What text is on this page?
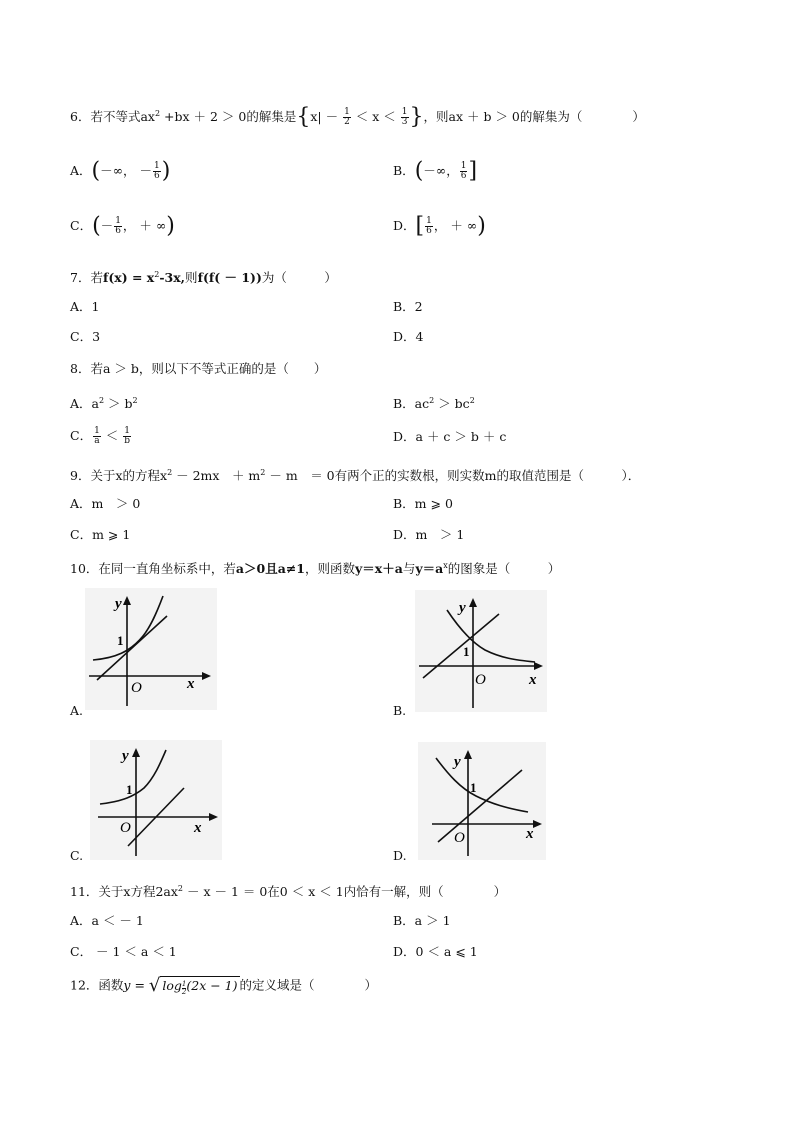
6．若不等式$ax^2 +bx + 2 > 0$的解集是{$x| - \frac{1}{2} < x < \frac{1}{3}$ }，则ax ＋ b ＞ 0的解集为（　　　　）
A．(－∞， － $\frac{1}{6}$ )	B．(－∞， $\frac{1}{6}$ ]
C．(－ $\frac{1}{6}$ ， ＋ ∞)	D．[ $\frac{1}{6}$ ， ＋ ∞)
7．若$f(x) = x^2-3x$,则f(f( － 1))为（　　　）
A．1	B．2
C．3	D．4
8．若a ＞ b，则以下不等式正确的是（　　）
A．$a^2 > b^2$	B．$ac^2 > bc^2$
C． $\frac{1}{a} < \frac{1}{b}$	D．a ＋ c ＞ b ＋ c
9．关于x的方程$x^2 - 2mx$　＋ $m^2 - m$　＝ 0有两个正的实数根，则实数m的取值范围是（　　　）．
A．m　＞ 0	B．m ⩾ 0
C．m ⩾ 1	D．m　＞ 1
10．在同一直角坐标系中，若a＞0且a≠1，则函数y＝x＋a与$y=a^x$的图象是（　　　）
y
1
O	x
A.
y
1
O	x
B.
y
1
O	x
C.
y
1
O	x
D.
11．关于x方程$2ax^2 - x - 1 = 0$在0 ＜ x ＜ 1内恰有一解，则（　　　　）
A．a ＜ － 1	B．a ＞ 1
C． － 1 ＜ a ＜ 1	D．0 ＜ a ⩽ 1
12．函数y = √ $\log \frac{1}{2} (2x - 1)$ 的定义域是（　　　　）
